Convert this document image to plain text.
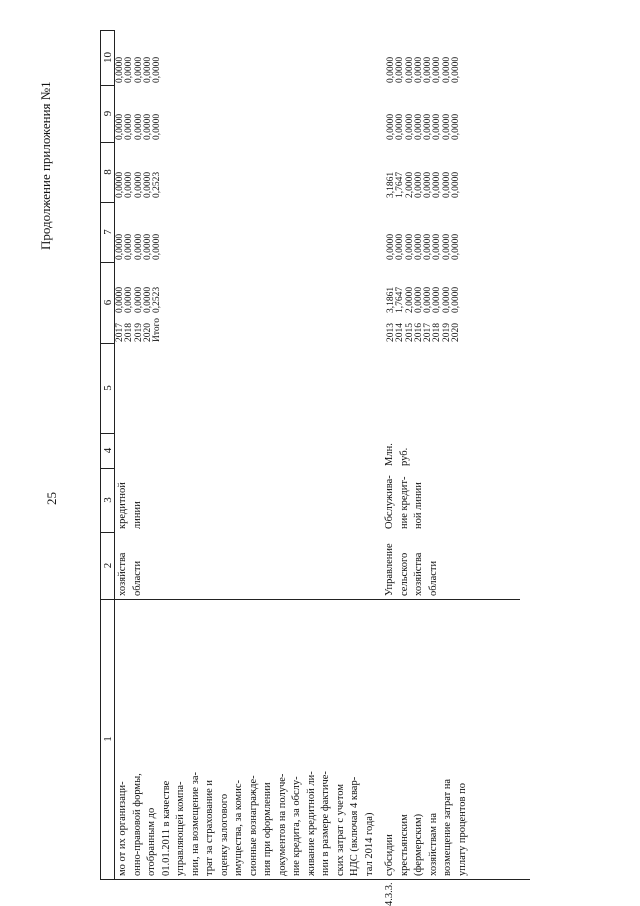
Продолжение приложения №1
25
1
2
3
4
5
6
7
8
9
10
мо от их организаци-
онно-правовой формы,
отобранным до
01.01.2011 в качестве
управляющей компа-
нии, на возмещение за-
трат за страхование и
оценку залогового
имущества, за комис-
сионные вознагражде-
ния при оформлении
документов на получе-
ние кредита, за обслу-
живание кредитной ли-
нии в размере фактиче-
ских затрат с учетом
НДС (включая 4 квар-
тал 2014 года)
хозяйства
области
кредитной
линии
2017
2018
2019
2020
Итого
0,0000
0,0000
0,0000
0,0000
0,2523
0,0000
0,0000
0,0000
0,0000
0,0000
0,0000
0,0000
0,0000
0,0000
0,2523
0,0000
0,0000
0,0000
0,0000
0,0000
0,0000
0,0000
0,0000
0,0000
0,0000
4.3.3.
субсидии
крестьянским
(фермерским)
хозяйствам на
возмещение затрат на
уплату процентов по
Управление
сельского
хозяйства
области
Обслужива-
ние кредит-
ной линии
Млн.
руб.
2013
2014
2015
2016
2017
2018
2019
2020
3,1861
1,7647
2,0000
0,0000
0,0000
0,0000
0,0000
0,0000
0,0000
0,0000
0,0000
0,0000
0,0000
0,0000
0,0000
0,0000
3,1861
1,7647
2,0000
0,0000
0,0000
0,0000
0,0000
0,0000
0,0000
0,0000
0,0000
0,0000
0,0000
0,0000
0,0000
0,0000
0,0000
0,0000
0,0000
0,0000
0,0000
0,0000
0,0000
0,0000
